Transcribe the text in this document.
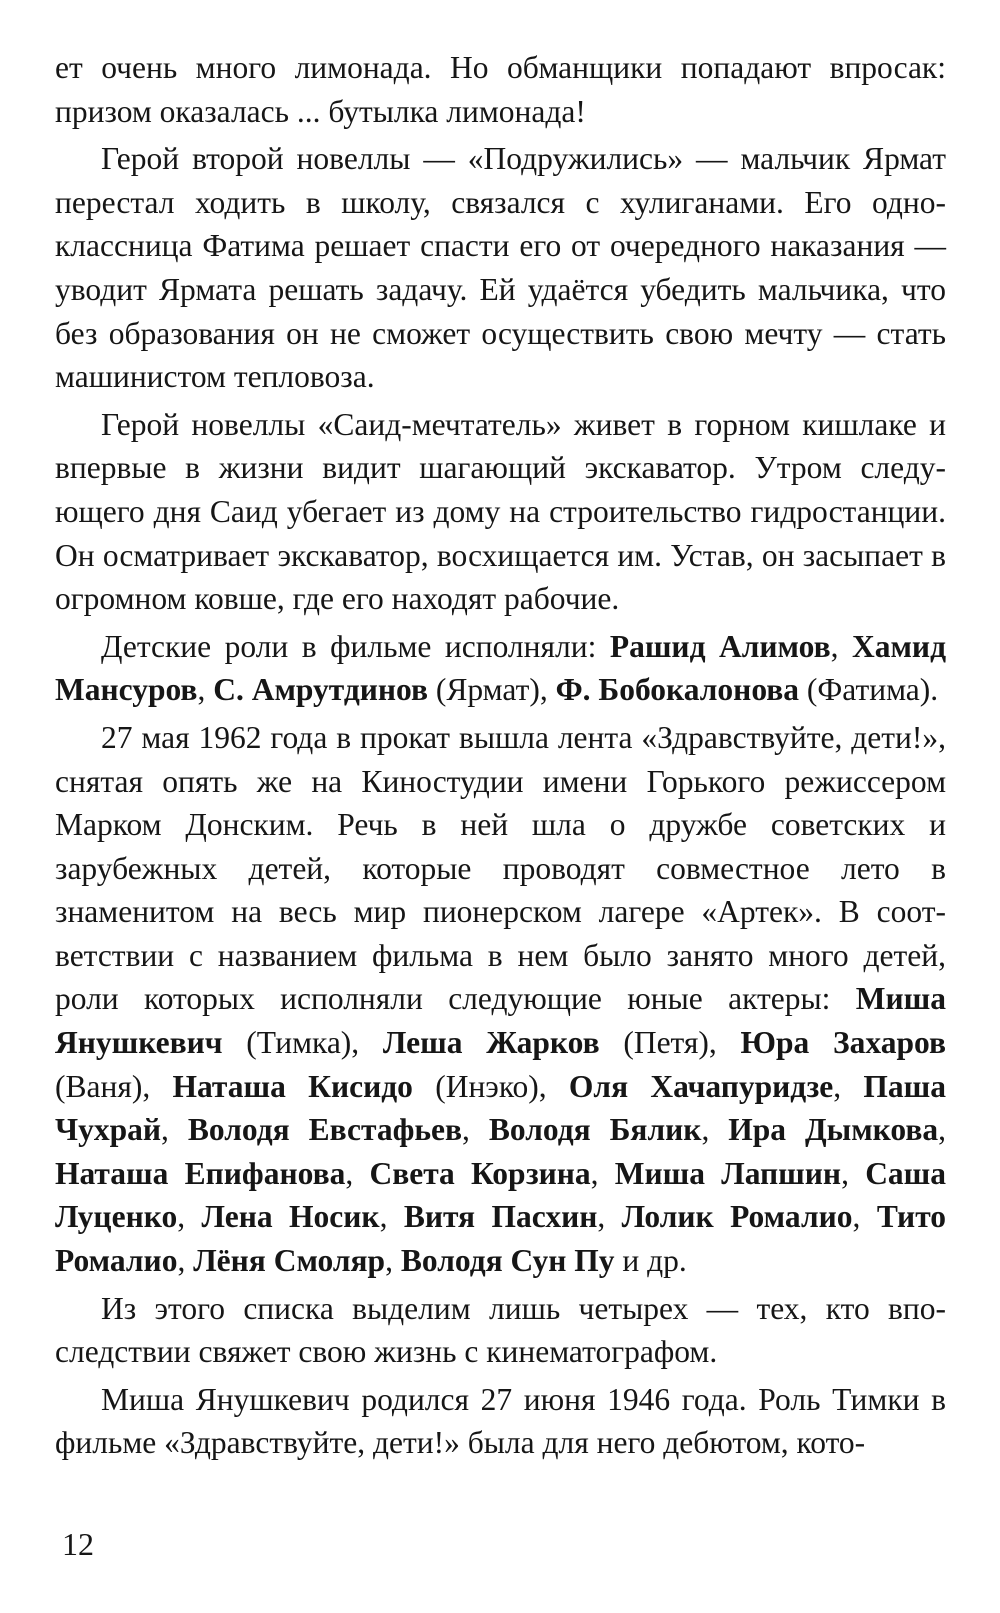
ет очень много лимонада. Но обманщики попадают впросак: призом оказалась ... бутылка лимонада!

Герой второй новеллы — «Подружились» — мальчик Ярмат перестал ходить в школу, связался с хулиганами. Его одноклассница Фатима решает спасти его от очередного наказания — уводит Ярмата решать задачу. Ей удаётся убедить мальчика, что без образования он не сможет осуществить свою мечту — стать машинистом тепловоза.

Герой новеллы «Саид-мечтатель» живет в горном кишлаке и впервые в жизни видит шагающий экскаватор. Утром следующего дня Саид убегает из дому на строительство гидростанции. Он осматривает экскаватор, восхищается им. Устав, он засыпает в огромном ковше, где его находят рабочие.

Детские роли в фильме исполняли: Рашид Алимов, Хамид Мансуров, С. Амрутдинов (Ярмат), Ф. Бобокалонова (Фатима).

27 мая 1962 года в прокат вышла лента «Здравствуйте, дети!», снятая опять же на Киностудии имени Горького режиссером Марком Донским. Речь в ней шла о дружбе советских и зарубежных детей, которые проводят совместное лето в знаменитом на весь мир пионерском лагере «Артек». В соответствии с названием фильма в нем было занято много детей, роли которых исполняли следующие юные актеры: Миша Янушкевич (Тимка), Леша Жарков (Петя), Юра Захаров (Ваня), Наташа Кисидо (Инэко), Оля Хачапуридзе, Паша Чухрай, Володя Евстафьев, Володя Бялик, Ира Дымкова, Наташа Епифанова, Света Корзина, Миша Лапшин, Саша Луценко, Лена Носик, Витя Пасхин, Лолик Ромалио, Тито Ромалио, Лёня Смоляр, Володя Сун Пу и др.

Из этого списка выделим лишь четырех — тех, кто впоследствии свяжет свою жизнь с кинематографом.

Миша Янушкевич родился 27 июня 1946 года. Роль Тимки в фильме «Здравствуйте, дети!» была для него дебютом, кото-

12
